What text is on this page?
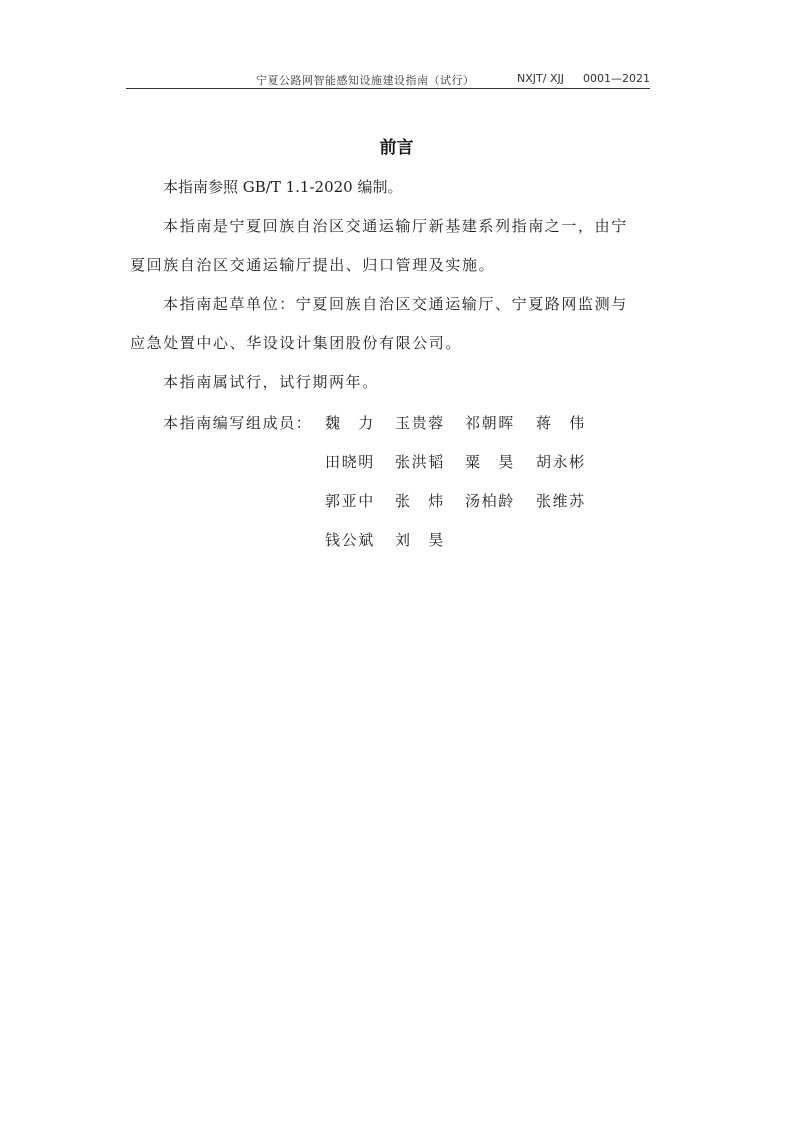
宁夏公路网智能感知设施建设指南（试行）	NXJT/ XJJ 0001—2021
前言
本指南参照 GB/T 1.1-2020 编制。
本指南是宁夏回族自治区交通运输厅新基建系列指南之一，由宁
夏回族自治区交通运输厅提出、归口管理及实施。
本指南起草单位：宁夏回族自治区交通运输厅、宁夏路网监测与
应急处置中心、华设设计集团股份有限公司。
本指南属试行，试行期两年。
本指南编写组成员： 魏　力 玉贵蓉 祁朝晖 蒋　伟
田晓明 张洪韬 粟　昊 胡永彬
郭亚中 张　炜 汤柏龄 张维苏
钱公斌 刘　昊
